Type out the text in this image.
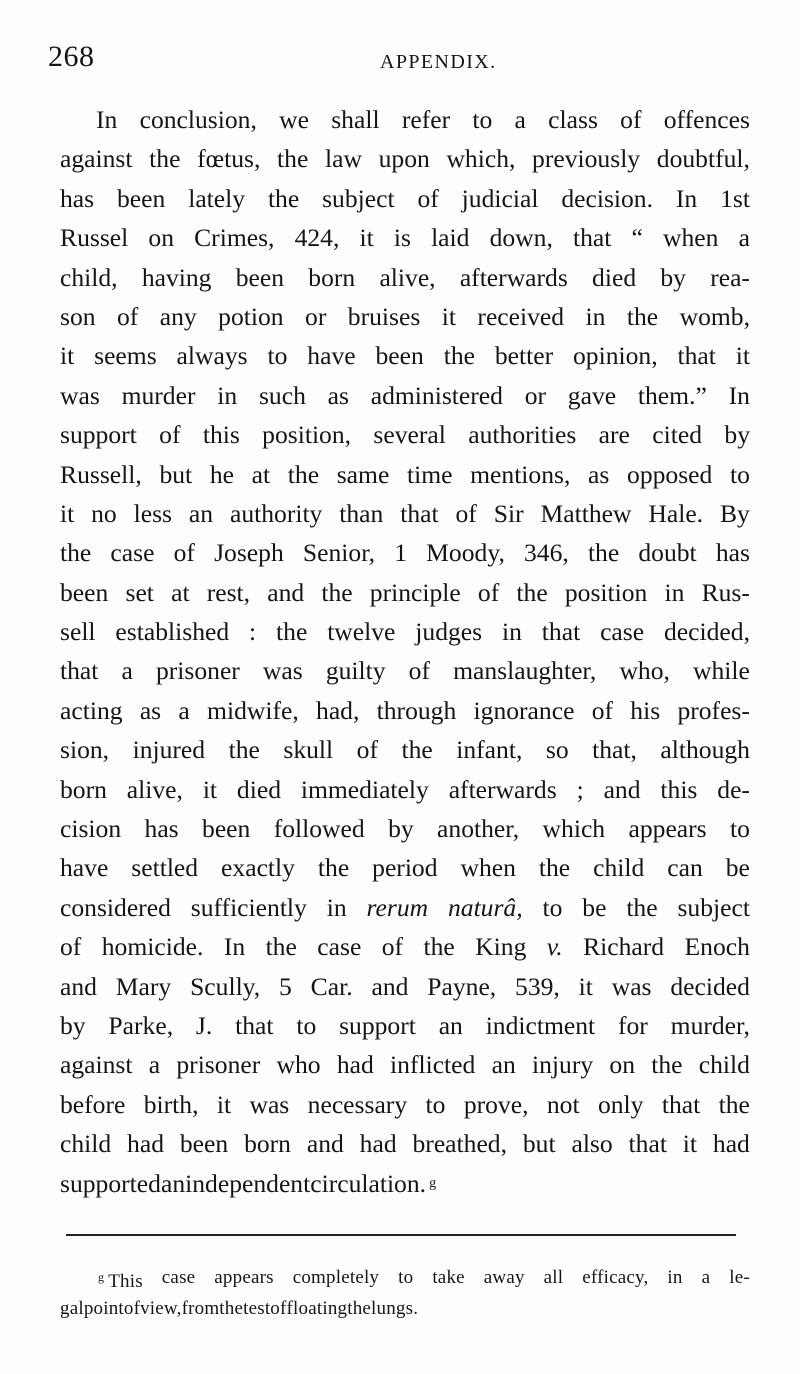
268	APPENDIX.
In conclusion, we shall refer to a class of offences
against the fœtus, the law upon which, previously doubtful,
has been lately the subject of judicial decision. In 1st
Russel on Crimes, 424, it is laid down, that “ when a
child, having been born alive, afterwards died by rea-
son of any potion or bruises it received in the womb,
it seems always to have been the better opinion, that it
was murder in such as administered or gave them.” In
support of this position, several authorities are cited by
Russell, but he at the same time mentions, as opposed to
it no less an authority than that of Sir Matthew Hale. By
the case of Joseph Senior, 1 Moody, 346, the doubt has
been set at rest, and the principle of the position in Rus-
sell established : the twelve judges in that case decided,
that a prisoner was guilty of manslaughter, who, while
acting as a midwife, had, through ignorance of his profes-
sion, injured the skull of the infant, so that, although
born alive, it died immediately afterwards ; and this de-
cision has been followed by another, which appears to
have settled exactly the period when the child can be
considered sufficiently in rerum naturâ, to be the subject
of homicide. In the case of the King v. Richard Enoch
and Mary Scully, 5 Car. and Payne, 539, it was decided
by Parke, J. that to support an indictment for murder,
against a prisoner who had inflicted an injury on the child
before birth, it was necessary to prove, not only that the
child had been born and had breathed, but also that it had
supported an independent circulation. g
$^g$ This case appears completely to take away all efficacy, in a le-
gal point of view, from the test of floating the lungs.
